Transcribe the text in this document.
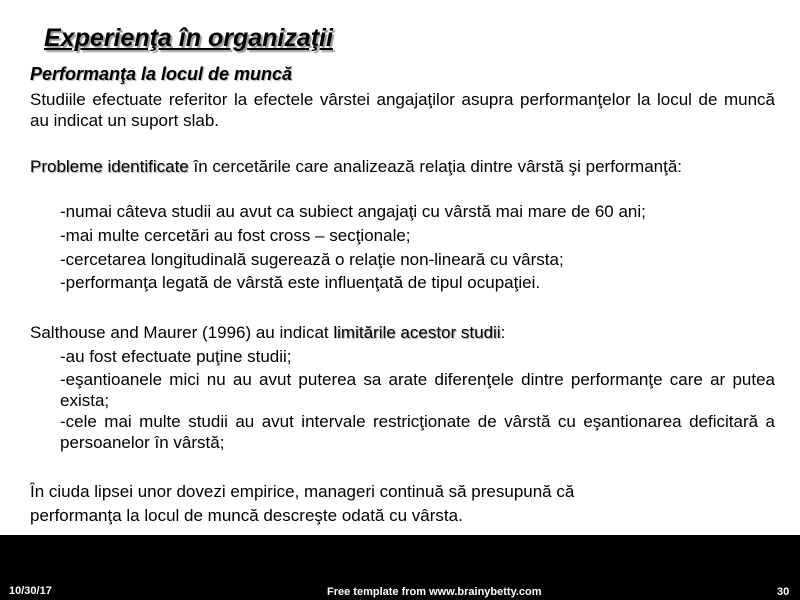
Experienţa în organizaţii
Performanţa la locul de muncă
Studiile efectuate referitor la efectele vârstei angajaţilor asupra performanţelor la locul de muncă au indicat un suport slab.
Probleme identificate în cercetările care analizează relaţia dintre vârstă şi performanţă:
-numai câteva studii au avut ca subiect angajaţi cu vârstă mai mare de 60 ani;
-mai multe cercetări au fost cross – secţionale;
-cercetarea longitudinală sugerează o relaţie non-lineară cu vârsta;
-performanţa legată de vârstă este influenţată de tipul ocupaţiei.
Salthouse and Maurer (1996) au indicat limitările acestor studii:
-au fost efectuate puţine studii;
-eşantioanele mici nu au avut puterea sa arate diferenţele dintre performanţe care ar putea exista;
-cele mai multe studii au avut intervale restricţionate de vârstă cu eşantionarea deficitară a persoanelor în vârstă;
În ciuda lipsei unor dovezi empirice, manageri continuă să presupună că
performanţa la locul de muncă descreşte odată cu vârsta.
10/30/17	Free template from www.brainybetty.com	30
